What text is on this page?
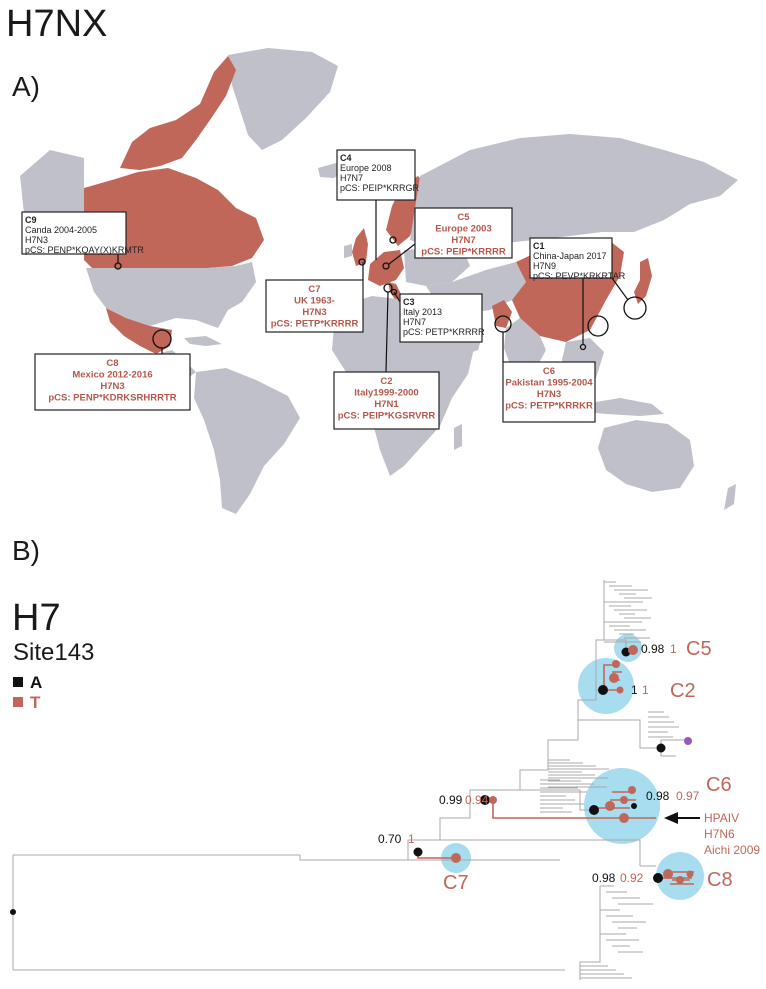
H7NX
A)
C9
Canda 2004-2005
H7N3
pCS: PENP*KQAY(X)KRMTR
C4
Europe 2008
H7N7
pCS: PEIP*KRRGR
C5
Europe 2003
H7N7
pCS: PEIP*KRRRR
C1
China-Japan 2017
H7N9
pCS: PEVP*KRKRTAR
C7
UK 1963-
H7N3
pCS: PETP*KRRRR
C3
Italy 2013
H7N7
pCS: PETP*KRRRR
C8
Mexico 2012-2016
H7N3
pCS: PENP*KDRKSRHRRTR
C2
Italy1999-2000
H7N1
pCS: PEIP*KGSRVRR
C6
Pakistan 1995-2004
H7N3
pCS: PETP*KRRKR
B)
H7
Site143
A
T
0.98 1 C5
1 1 C2
0.99 0.94	0.98 0.97 C6
0.70 1
C7	0.98 0.92	C8
HPAIV
H7N6
Aichi 2009
